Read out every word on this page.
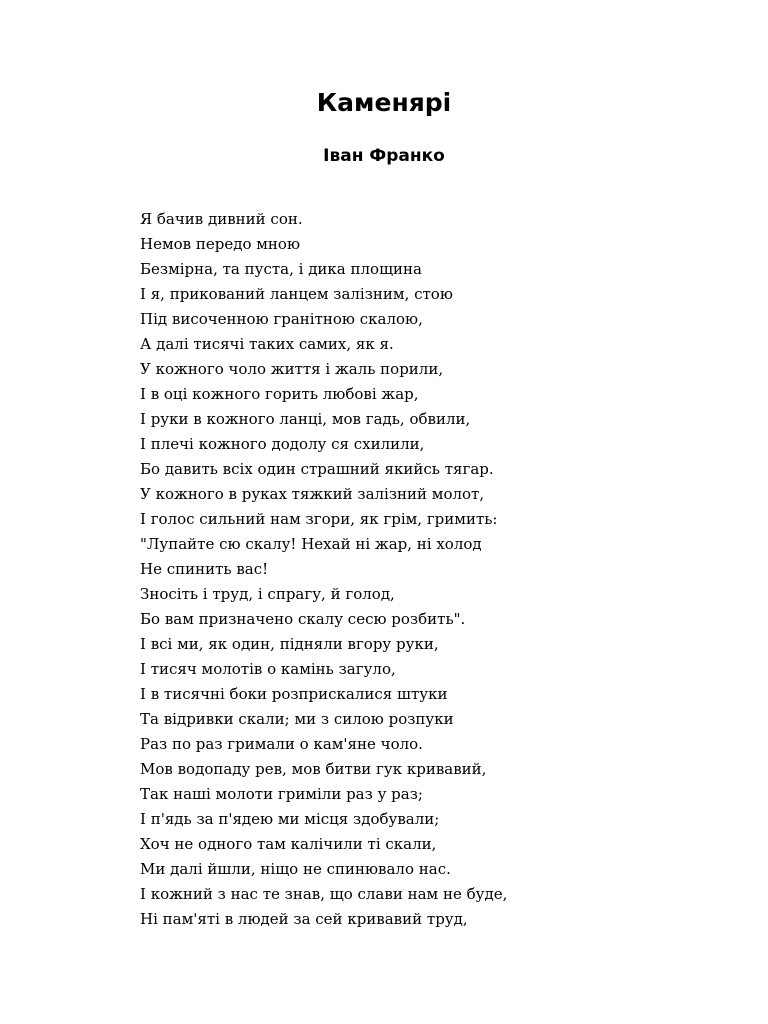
Каменярі
Іван Франко
Я бачив дивний сон.
Немов передо мною
Безмірна, та пуста, і дика площина
І я, прикований ланцем залізним, стою
Під височенною гранітною скалою,
А далі тисячі таких самих, як я.
У кожного чоло життя і жаль порили,
І в оці кожного горить любові жар,
І руки в кожного ланці, мов гадь, обвили,
І плечі кожного додолу ся схилили,
Бо давить всіх один страшний якийсь тягар.
У кожного в руках тяжкий залізний молот,
І голос сильний нам згори, як грім, гримить:
"Лупайте сю скалу! Нехай ні жар, ні холод
Не спинить вас!
Зносіть і труд, і спрагу, й голод,
Бо вам призначено скалу сесю розбить".
І всі ми, як один, підняли вгору руки,
І тисяч молотів о камінь загуло,
І в тисячні боки розприскалися штуки
Та відривки скали; ми з силою розпуки
Раз по раз гримали о кам'яне чоло.
Мов водопаду рев, мов битви гук кривавий,
Так наші молоти гриміли раз у раз;
І п'ядь за п'ядею ми місця здобували;
Хоч не одного там калічили ті скали,
Ми далі йшли, ніщо не спинювало нас.
І кожний з нас те знав, що слави нам не буде,
Ні пам'яті в людей за сей кривавий труд,
